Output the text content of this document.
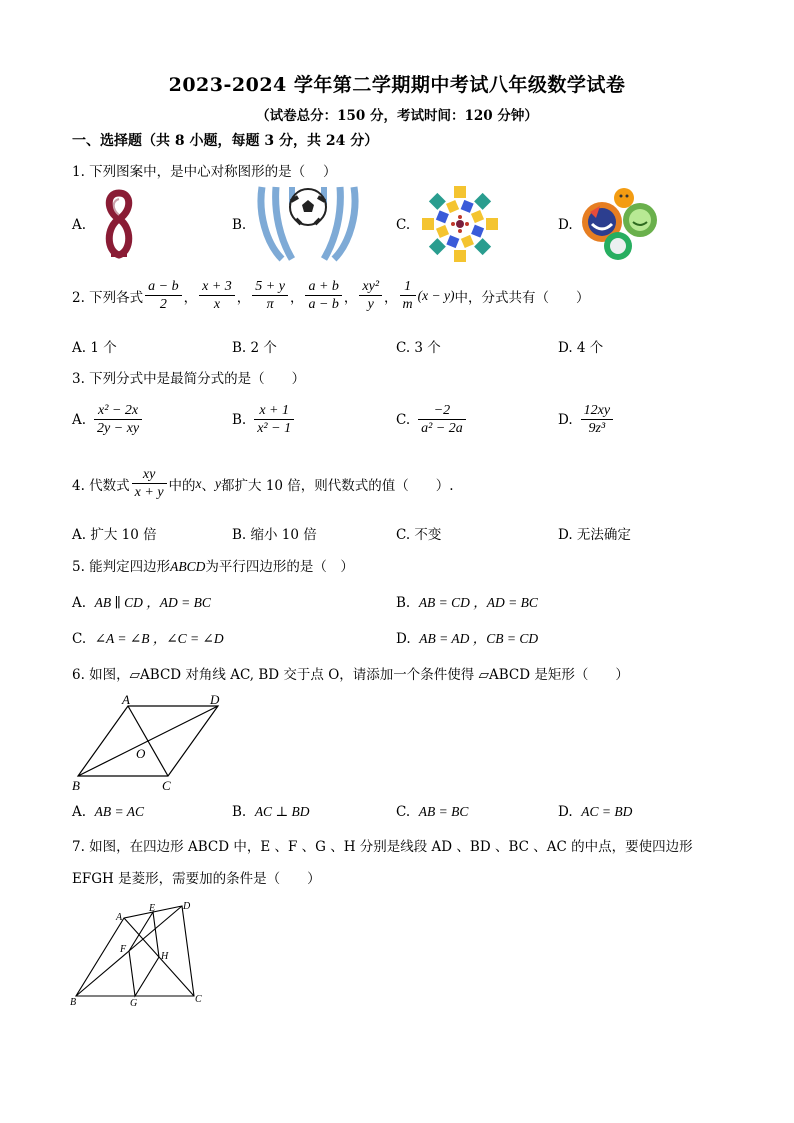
2023-2024 学年第二学期期中考试八年级数学试卷
（试卷总分：150 分，考试时间：120 分钟）
一、选择题（共 8 小题，每题 3 分，共 24 分）
1. 下列图案中，是中心对称图形的是（　 ）
A.	B.	C.	D.
2. 下列各式 $\frac{a - b}{2}$ ， $\frac{x + 3}{x}$ ， $\frac{5 + y}{\pi}$ ， $\frac{a + b}{a - b}$ ， $\frac{\text{xy²}}{y}$ ， $\frac{1}{m} (x - y)$ 中，分式共有（　　）
A. 1 个	B. 2 个	C. 3 个	D. 4 个
3. 下列分式中是最简分式的是（　　）
A. $\frac{\text{x² − 2x}}{2y - xy}$	B. $\frac{x + 1}{\text{x² − 1}}$	C. $\frac{-2}{\text{a² − 2a}}$	D. $\frac{12xy}{\text{9z³}}$
4. 代数式 $\frac{xy}{x + y}$ 中的 x 、 y 都扩大 10 倍，则代数式的值（　　）.
A. 扩大 10 倍	B. 缩小 10 倍	C. 不变	D. 无法确定
5. 能判定四边形ABCD为平行四边形的是（　）
A. AB ∥ CD ，AD = BC	B. AB = CD ，AD = BC
C. ∠A = ∠B ，∠C = ∠D	D. AB = AD ，CB = CD
6. 如图，▱ABCD 对角线 AC, BD 交于点 O，请添加一个条件使得 ▱ABCD 是矩形（　　）
A	D
O
B	C
A. AB = AC	B. AC ⊥ BD	C. AB = BC	D. AC = BD
7. 如图，在四边形 ABCD 中，E 、F 、G 、H 分别是线段 AD 、BD 、BC 、AC 的中点，要使四边形
EFGH 是菱形，需要加的条件是（　　）
A
E	D
F
H
B	G	C
